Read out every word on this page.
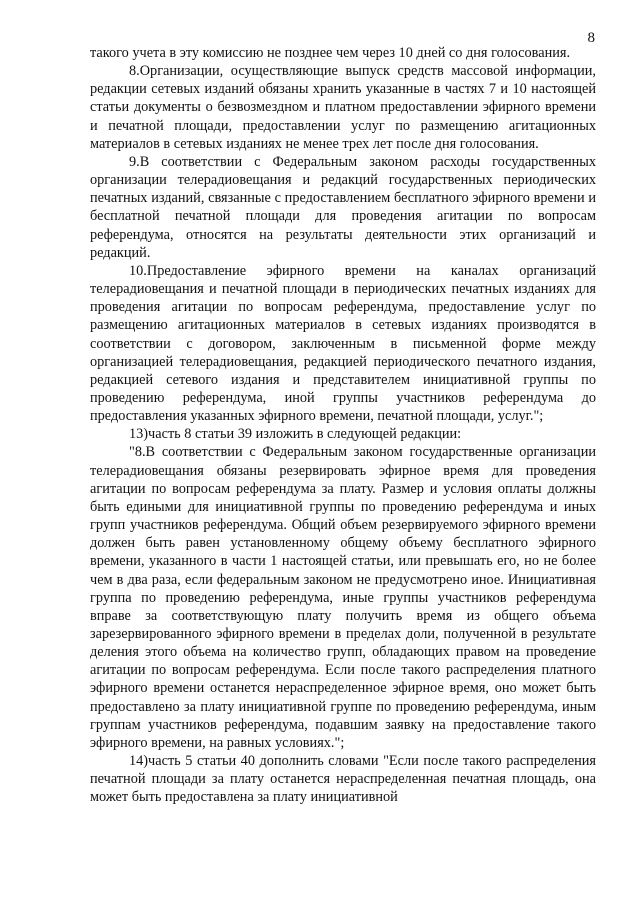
8

такого учета в эту комиссию не позднее чем через 10 дней со дня голосования.

8.Организации, осуществляющие выпуск средств массовой информации, редакции сетевых изданий обязаны хранить указанные в частях 7 и 10 настоящей статьи документы о безвозмездном и платном предоставлении эфирного времени и печатной площади, предоставлении услуг по размещению агитационных материалов в сетевых изданиях не менее трех лет после дня голосования.

9.В соответствии с Федеральным законом расходы государственных организации телерадиовещания и редакций государственных периодических печатных изданий, связанные с предоставлением бесплатного эфирного времени и бесплатной печатной площади для проведения агитации по вопросам референдума, относятся на результаты деятельности этих организаций и редакций.

10.Предоставление эфирного времени на каналах организаций телерадиовещания и печатной площади в периодических печатных изданиях для проведения агитации по вопросам референдума, предоставление услуг по размещению агитационных материалов в сетевых изданиях производятся в соответствии с договором, заключенным в письменной форме между организацией телерадиовещания, редакцией периодического печатного издания, редакцией сетевого издания и представителем инициативной группы по проведению референдума, иной группы участников референдума до предоставления указанных эфирного времени, печатной площади, услуг.";

13)часть 8 статьи 39 изложить в следующей редакции:

"8.В соответствии с Федеральным законом государственные организации телерадиовещания обязаны резервировать эфирное время для проведения агитации по вопросам референдума за плату. Размер и условия оплаты должны быть едиными для инициативной группы по проведению референдума и иных групп участников референдума. Общий объем резервируемого эфирного времени должен быть равен установленному общему объему бесплатного эфирного времени, указанного в части 1 настоящей статьи, или превышать его, но не более чем в два раза, если федеральным законом не предусмотрено иное. Инициативная группа по проведению референдума, иные группы участников референдума вправе за соответствующую плату получить время из общего объема зарезервированного эфирного времени в пределах доли, полученной в результате деления этого объема на количество групп, обладающих правом на проведение агитации по вопросам референдума. Если после такого распределения платного эфирного времени останется нераспределенное эфирное время, оно может быть предоставлено за плату инициативной группе по проведению референдума, иным группам участников референдума, подавшим заявку на предоставление такого эфирного времени, на равных условиях.";

14)часть 5 статьи 40 дополнить словами "Если после такого распределения печатной площади за плату останется нераспределенная печатная площадь, она может быть предоставлена за плату инициативной
